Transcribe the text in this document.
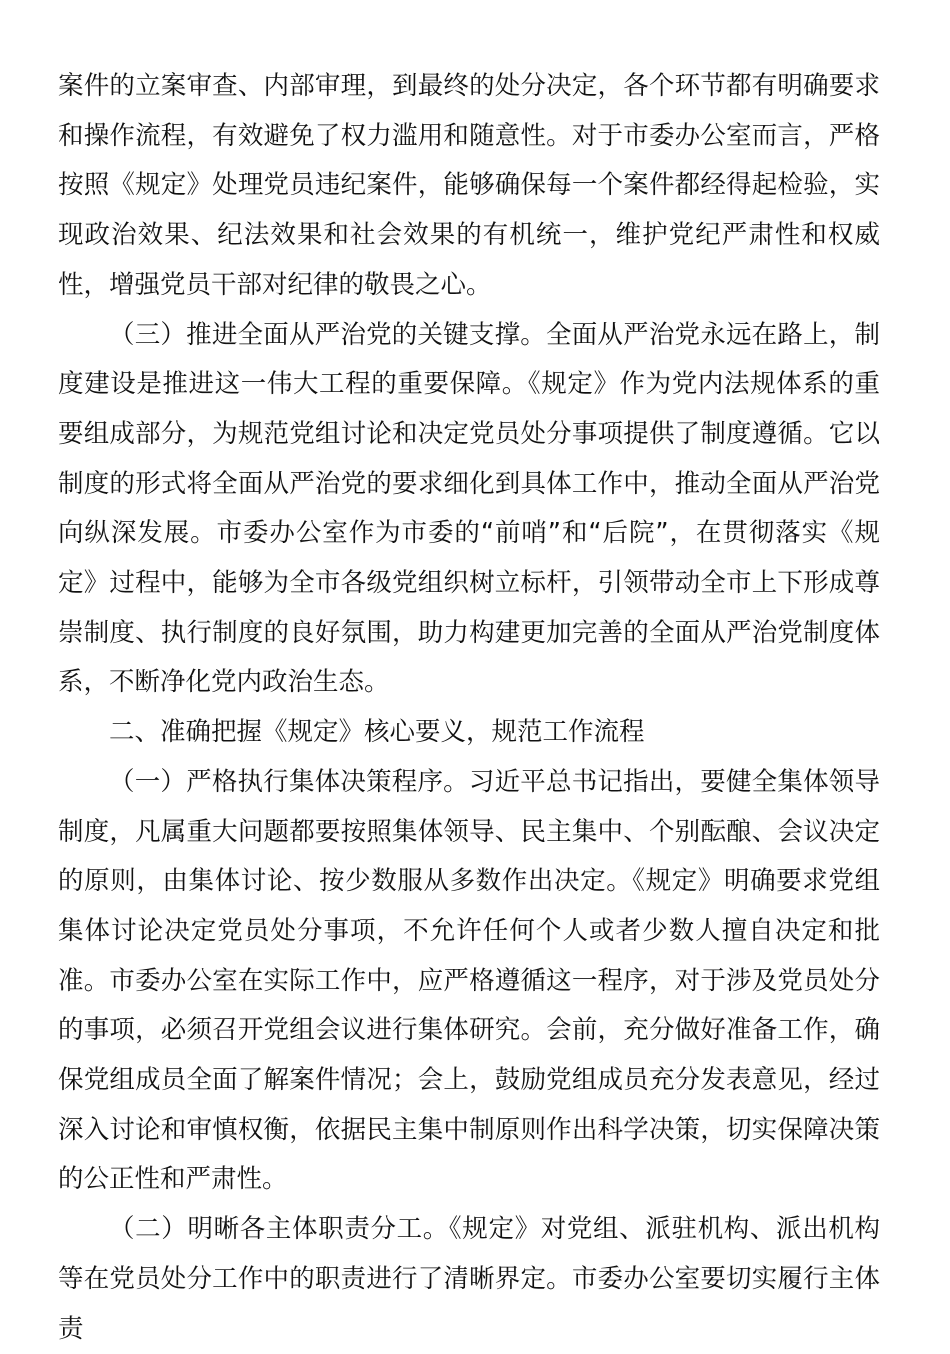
案件的立案审查、内部审理，到最终的处分决定，各个环节都有明确要求和操作流程，有效避免了权力滥用和随意性。对于市委办公室而言，严格按照《规定》处理党员违纪案件，能够确保每一个案件都经得起检验，实现政治效果、纪法效果和社会效果的有机统一，维护党纪严肃性和权威性，增强党员干部对纪律的敬畏之心。

（三）推进全面从严治党的关键支撑。全面从严治党永远在路上，制度建设是推进这一伟大工程的重要保障。《规定》作为党内法规体系的重要组成部分，为规范党组讨论和决定党员处分事项提供了制度遵循。它以制度的形式将全面从严治党的要求细化到具体工作中，推动全面从严治党向纵深发展。市委办公室作为市委的“前哨”和“后院”，在贯彻落实《规定》过程中，能够为全市各级党组织树立标杆，引领带动全市上下形成尊崇制度、执行制度的良好氛围，助力构建更加完善的全面从严治党制度体系，不断净化党内政治生态。

二、准确把握《规定》核心要义，规范工作流程

（一）严格执行集体决策程序。习近平总书记指出，要健全集体领导制度，凡属重大问题都要按照集体领导、民主集中、个别酝酿、会议决定的原则，由集体讨论、按少数服从多数作出决定。《规定》明确要求党组集体讨论决定党员处分事项，不允许任何个人或者少数人擅自决定和批准。市委办公室在实际工作中，应严格遵循这一程序，对于涉及党员处分的事项，必须召开党组会议进行集体研究。会前，充分做好准备工作，确保党组成员全面了解案件情况；会上，鼓励党组成员充分发表意见，经过深入讨论和审慎权衡，依据民主集中制原则作出科学决策，切实保障决策的公正性和严肃性。

（二）明晰各主体职责分工。《规定》对党组、派驻机构、派出机构等在党员处分工作中的职责进行了清晰界定。市委办公室要切实履行主体责
